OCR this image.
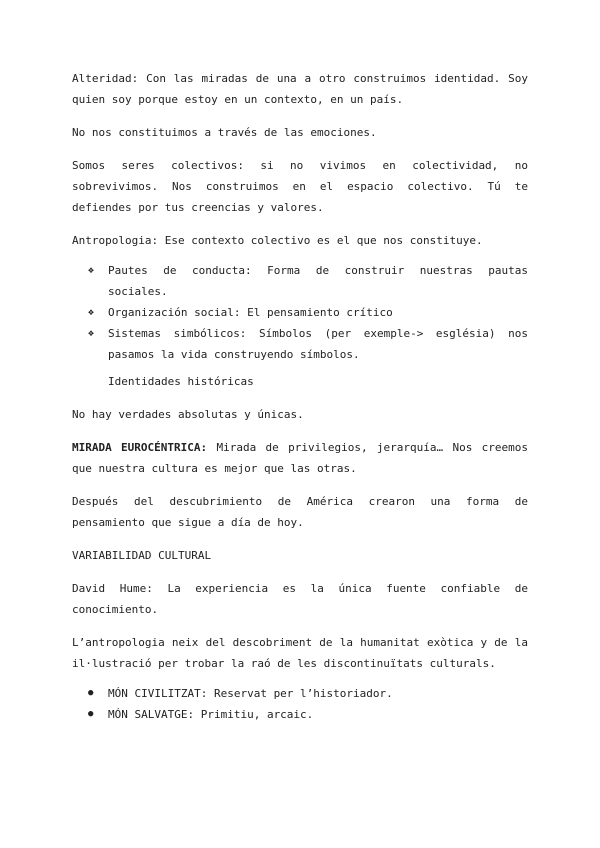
Alteridad: Con las miradas de una a otro construimos identidad. Soy quien soy porque estoy en un contexto, en un país.

No nos constituimos a través de las emociones.

Somos seres colectivos: si no vivimos en colectividad, no sobrevivimos. Nos construimos en el espacio colectivo. Tú te defiendes por tus creencias y valores.

Antropologia: Ese contexto colectivo es el que nos constituye.

❖	Pautes de conducta: Forma de construir nuestras pautas sociales.
❖	Organización social: El pensamiento crítico
❖	Sistemas simbólicos: Símbolos (per exemple-> església) nos pasamos la vida construyendo símbolos.

Identidades históricas

No hay verdades absolutas y únicas.

MIRADA EUROCÉNTRICA: Mirada de privilegios, jerarquía… Nos creemos que nuestra cultura es mejor que las otras.

Después del descubrimiento de América crearon una forma de pensamiento que sigue a día de hoy.

VARIABILIDAD CULTURAL

David Hume: La experiencia es la única fuente confiable de conocimiento.

L’antropologia neix del descobriment de la humanitat exòtica y de la il·lustració per trobar la raó de les discontinuïtats culturals.

●	MÓN CIVILITZAT: Reservat per l’historiador.
●	MÓN SALVATGE: Primitiu, arcaic.
